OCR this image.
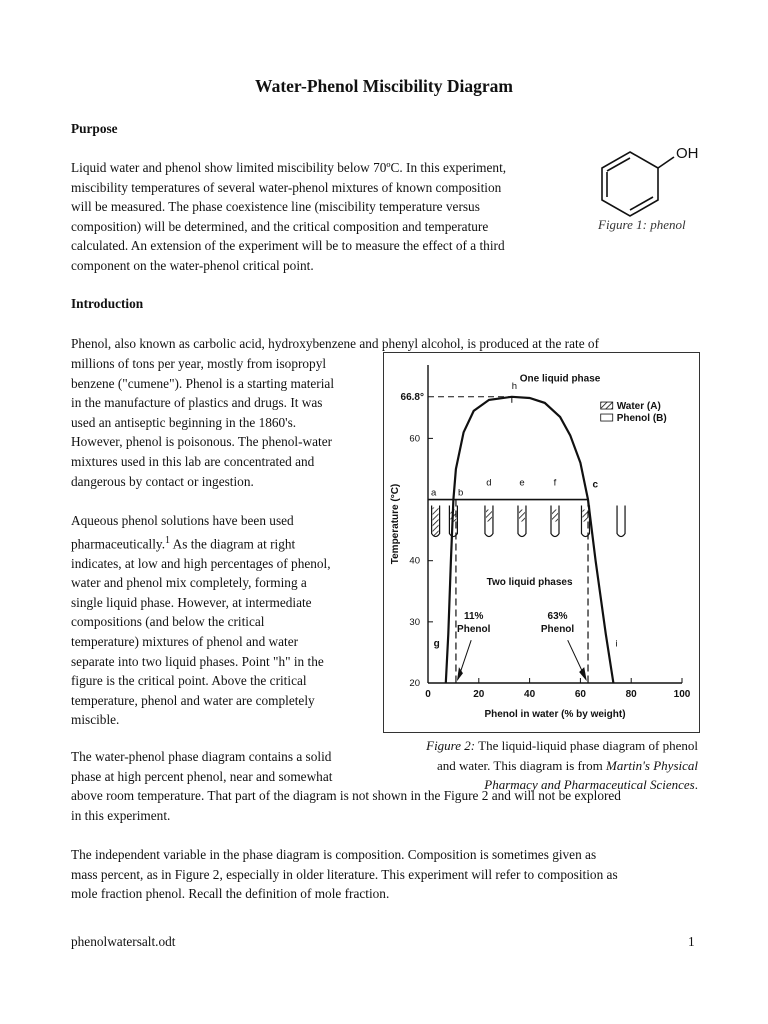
Water-Phenol Miscibility Diagram
Purpose
Liquid water and phenol show limited miscibility below 70ºC. In this experiment,
miscibility temperatures of several water-phenol mixtures of known composition
will be measured. The phase coexistence line (miscibility temperature versus
composition) will be determined, and the critical composition and temperature
calculated. An extension of the experiment will be to measure the effect of a third
component on the water-phenol critical point.
OH
Figure 1: phenol
Introduction
Phenol, also known as carbolic acid, hydroxybenzene and phenyl alcohol, is produced at the rate of
millions of tons per year, mostly from isopropyl
benzene ("cumene"). Phenol is a starting material
in the manufacture of plastics and drugs. It was
used an antiseptic beginning in the 1860's.
However, phenol is poisonous. The phenol-water
mixtures used in this lab are concentrated and
dangerous by contact or ingestion.
Aqueous phenol solutions have been used
pharmaceutically.$^1$ As the diagram at right
indicates, at low and high percentages of phenol,
water and phenol mix completely, forming a
single liquid phase. However, at intermediate
compositions (and below the critical
temperature) mixtures of phenol and water
separate into two liquid phases. Point "h" in the
figure is the critical point. Above the critical
temperature, phenol and water are completely
miscible.
The water-phenol phase diagram contains a solid
phase at high percent phenol, near and somewhat
above room temperature. That part of the diagram is not shown in the Figure 2 and will not be explored
in this experiment.
The independent variable in the phase diagram is composition. Composition is sometimes given as
mass percent, as in Figure 2, especially in older literature. This experiment will refer to composition as
mole fraction phenol. Recall the definition of mole fraction.
0	20	40	60	80	100
20
30
40
60
Phenol in water (% by weight)
Temperature (°C)
66.8°
h
a b
d	e	f	c
g	i
One liquid phase
Two liquid phases
11%
Phenol
63%
Phenol
Water (A)
Phenol (B)
Figure 2: The liquid-liquid phase diagram of phenol
and water. This diagram is from Martin's Physical
Pharmacy and Pharmaceutical Sciences.
phenolwatersalt.odt	1
